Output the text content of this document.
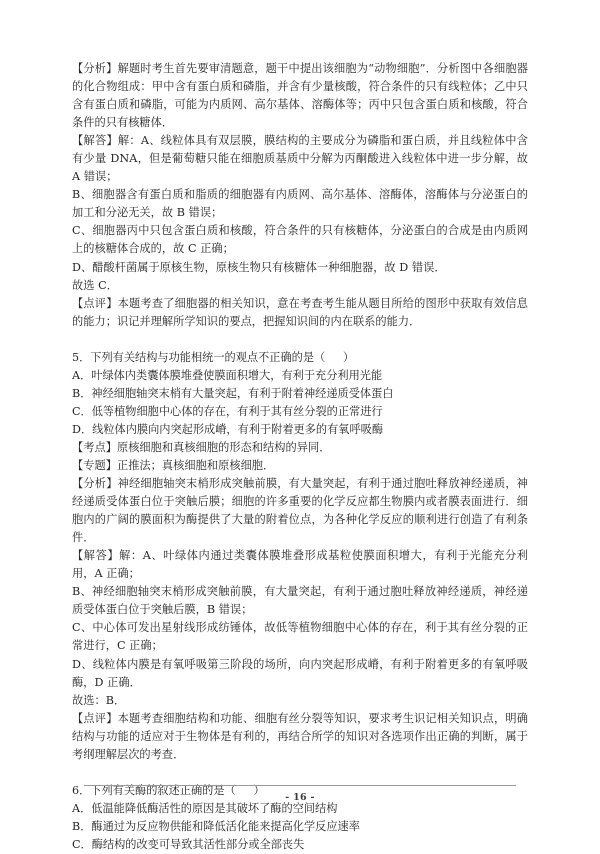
【分析】解题时考生首先要审清题意，题干中提出该细胞为“动物细胞”．分析图中各细胞器的化合物组成：甲中含有蛋白质和磷脂，并含有少量核酸，符合条件的只有线粒体；乙中只含有蛋白质和磷脂，可能为内质网、高尔基体、溶酶体等；丙中只包含蛋白质和核酸，符合条件的只有核糖体．

【解答】解：A、线粒体具有双层膜，膜结构的主要成分为磷脂和蛋白质，并且线粒体中含有少量 DNA，但是葡萄糖只能在细胞质基质中分解为丙酮酸进入线粒体中进一步分解，故 A 错误；

B、细胞器含有蛋白质和脂质的细胞器有内质网、高尔基体、溶酶体，溶酶体与分泌蛋白的加工和分泌无关，故 B 错误；

C、细胞器丙中只包含蛋白质和核酸，符合条件的只有核糖体，分泌蛋白的合成是由内质网上的核糖体合成的，故 C 正确；

D、醋酸杆菌属于原核生物，原核生物只有核糖体一种细胞器，故 D 错误．

故选 C．

【点评】本题考查了细胞器的相关知识，意在考查考生能从题目所给的图形中获取有效信息的能力；识记并理解所学知识的要点，把握知识间的内在联系的能力．

5．下列有关结构与功能相统一的观点不正确的是（     ）

A．叶绿体内类囊体膜堆叠使膜面积增大，有利于充分利用光能

B．神经细胞轴突末梢有大量突起，有利于附着神经递质受体蛋白

C．低等植物细胞中心体的存在，有利于其有丝分裂的正常进行

D．线粒体内膜向内突起形成嵴，有利于附着更多的有氧呼吸酶

【考点】原核细胞和真核细胞的形态和结构的异同．

【专题】正推法；真核细胞和原核细胞．

【分析】神经细胞轴突末梢形成突触前膜，有大量突起，有利于通过胞吐释放神经递质，神经递质受体蛋白位于突触后膜；细胞的许多重要的化学反应都生物膜内或者膜表面进行．细胞内的广阔的膜面积为酶提供了大量的附着位点，为各种化学反应的顺利进行创造了有利条件．

【解答】解：A、叶绿体内通过类囊体膜堆叠形成基粒使膜面积增大，有利于光能充分利用，A 正确；

B、神经细胞轴突末梢形成突触前膜，有大量突起，有利于通过胞吐释放神经递质，神经递质受体蛋白位于突触后膜，B 错误；

C、中心体可发出星射线形成纺锤体，故低等植物细胞中心体的存在，利于其有丝分裂的正常进行，C 正确；

D、线粒体内膜是有氧呼吸第三阶段的场所，向内突起形成嵴，有利于附着更多的有氧呼吸酶，D 正确．

故选：B．

【点评】本题考查细胞结构和功能、细胞有丝分裂等知识，要求考生识记相关知识点，明确结构与功能的适应对于生物体是有利的，再结合所学的知识对各选项作出正确的判断，属于考纲理解层次的考查．

6．下列有关酶的叙述正确的是（     ）

A．低温能降低酶活性的原因是其破坏了酶的空间结构

B．酶通过为反应物供能和降低活化能来提高化学反应速率

C．酶结构的改变可导致其活性部分或全部丧失

- 16 -
